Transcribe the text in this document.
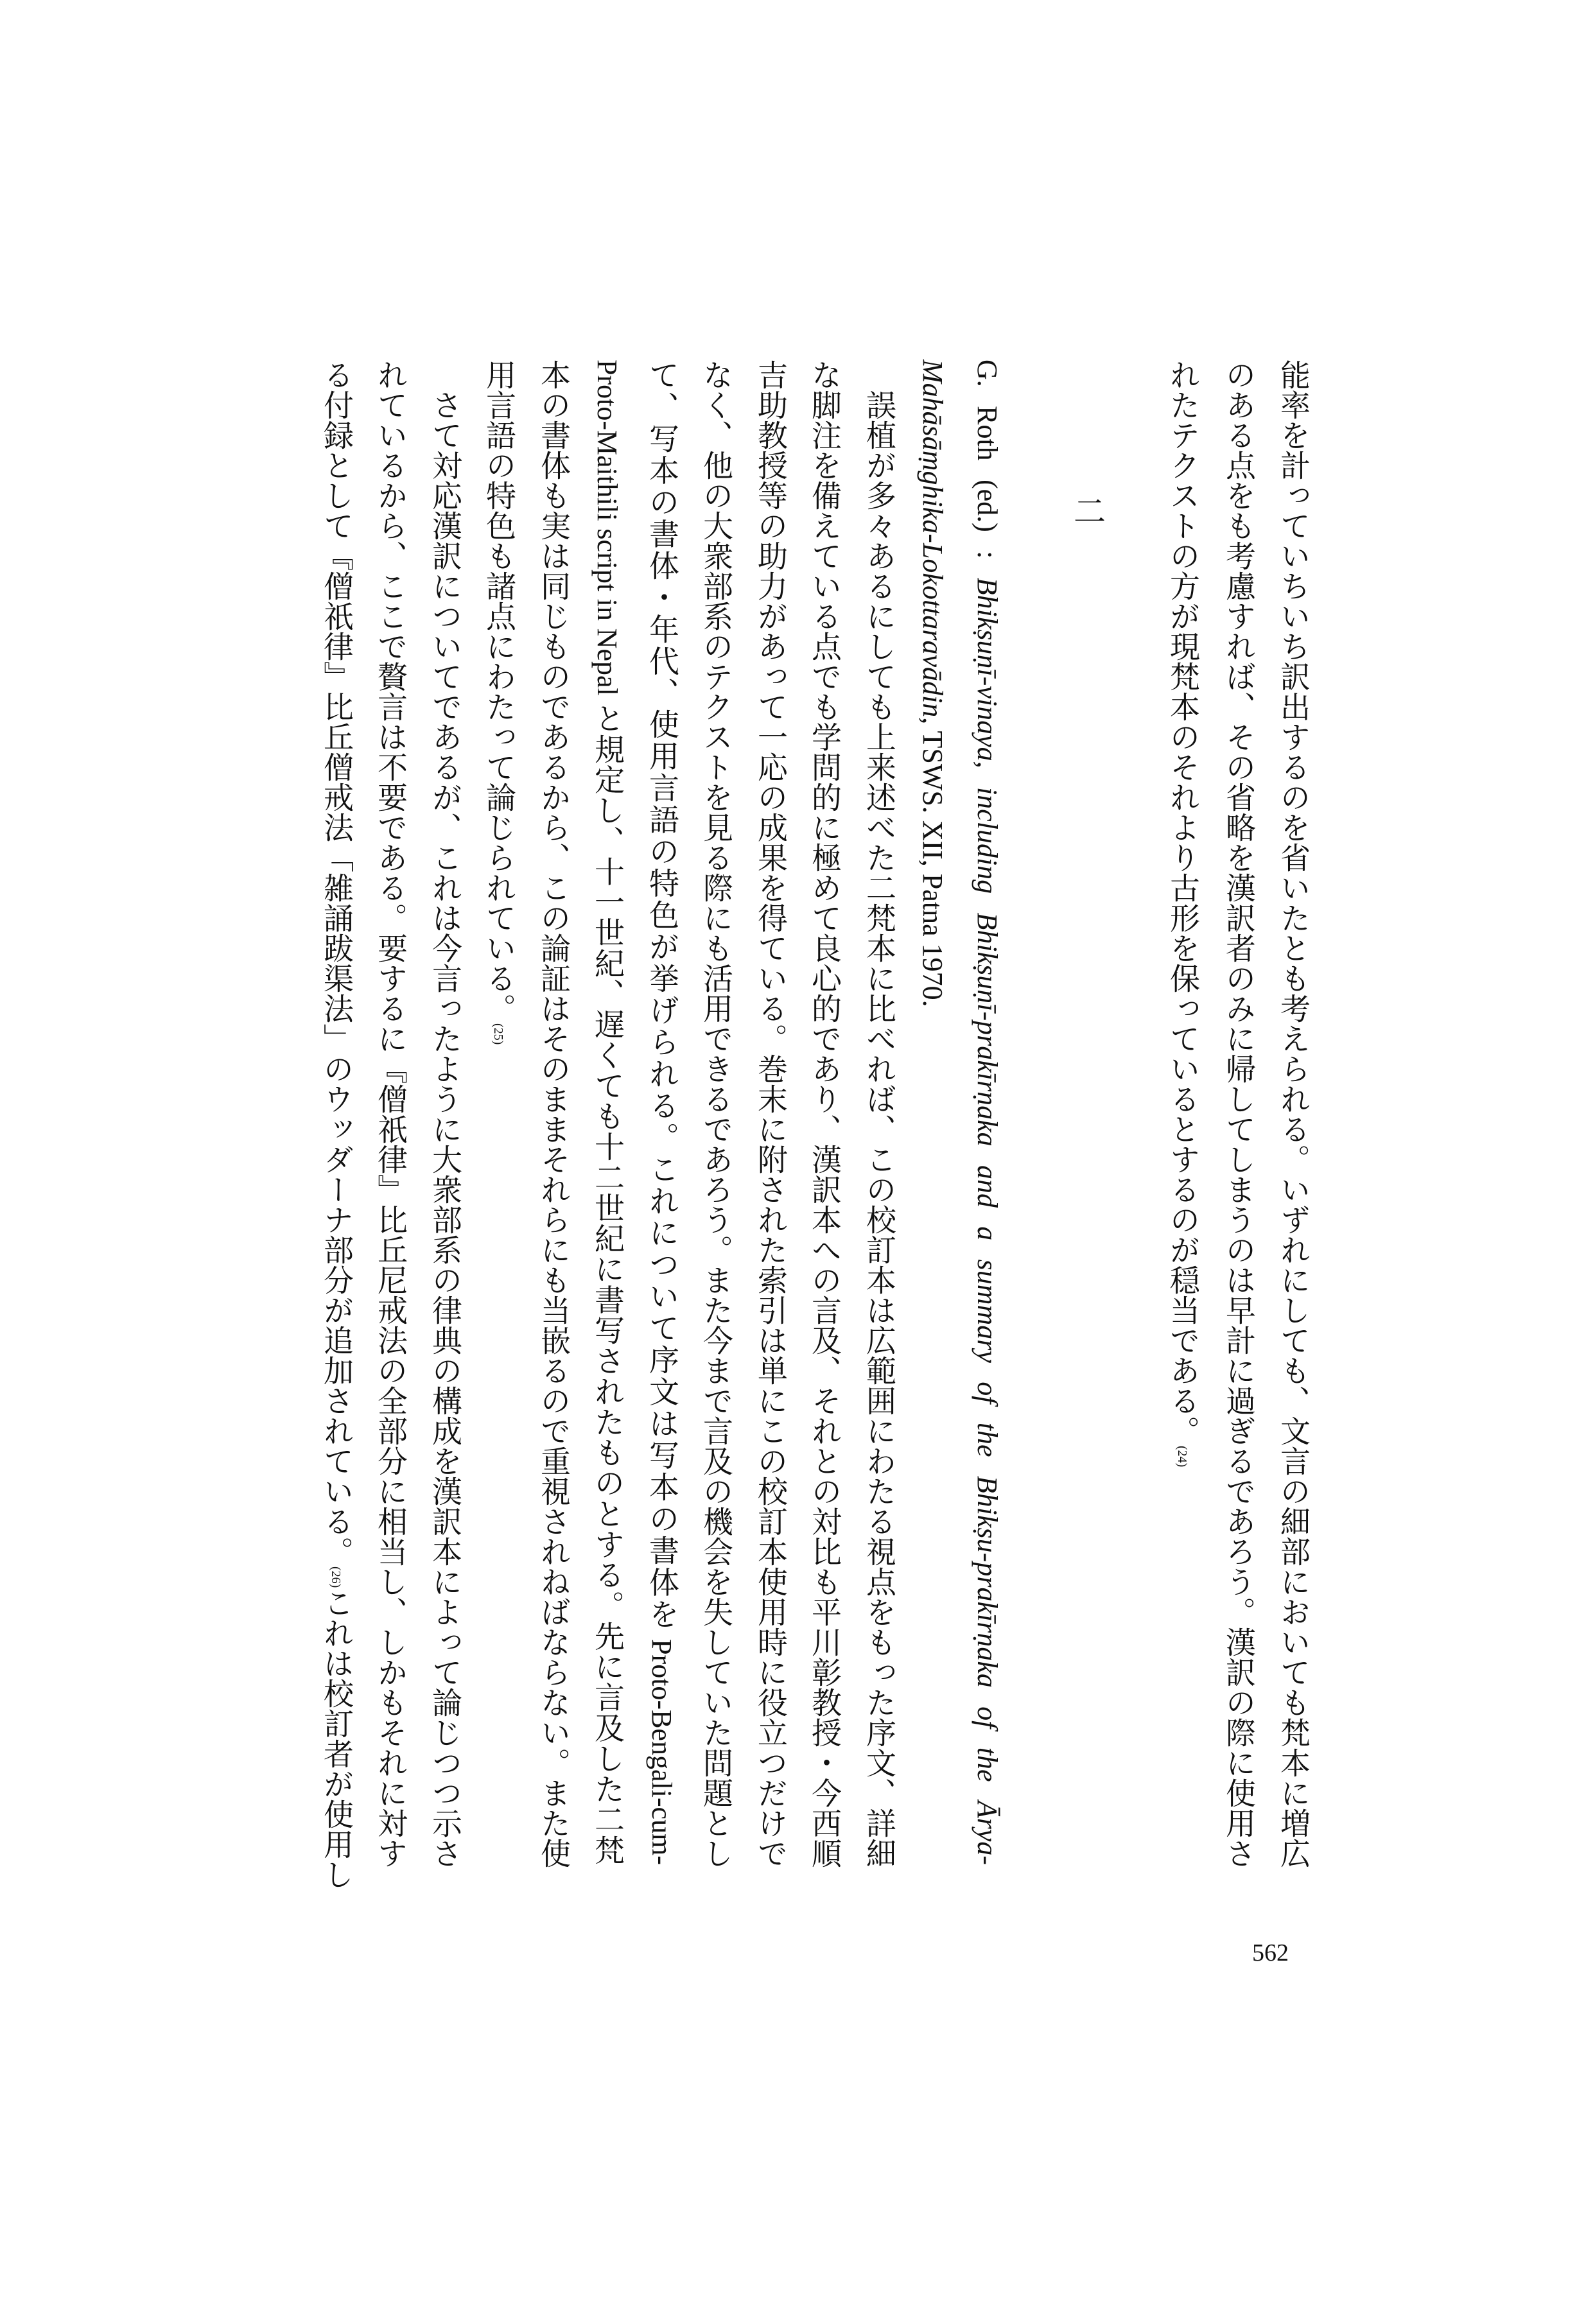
能率を計っていちいち訳出するのを省いたとも考えられる。いずれにしても、文言の細部においても梵本に増広
のある点をも考慮すれば、その省略を漢訳者のみに帰してしまうのは早計に過ぎるであろう。漢訳の際に使用さ
れたテクストの方が現梵本のそれより古形を保っているとするのが穏当である。(24)
二
G. Roth (ed.) : Bhikṣuṇī-vinaya, including Bhikṣuṇī-prakīrṇaka and a summary of the Bhikṣu-prakīrṇaka of the Ārya-
Mahāsāṃghika-Lokottaravādin, TSWS. XII, Patna 1970.
誤植が多々あるにしても上来述べた二梵本に比べれば、この校訂本は広範囲にわたる視点をもった序文、詳細
な脚注を備えている点でも学問的に極めて良心的であり、漢訳本への言及、それとの対比も平川彰教授・今西順
吉助教授等の助力があって一応の成果を得ている。巻末に附された索引は単にこの校訂本使用時に役立つだけで
なく、他の大衆部系のテクストを見る際にも活用できるであろう。また今まで言及の機会を失していた問題とし
て、写本の書体・年代、使用言語の特色が挙げられる。これについて序文は写本の書体を Proto-Bengali-cum-
Proto-Maithili script in Nepal と規定し、十一世紀、遅くても十二世紀に書写されたものとする。先に言及した二梵
本の書体も実は同じものであるから、この論証はそのままそれらにも当嵌るので重視されねばならない。また使
用言語の特色も諸点にわたって論じられている。(25)
さて対応漢訳についてであるが、これは今言ったように大衆部系の律典の構成を漢訳本によって論じつつ示さ
れているから、ここで贅言は不要である。要するに『僧祇律』比丘尼戒法の全部分に相当し、しかもそれに対す
る付録として『僧祇律』比丘僧戒法「雑誦跋渠法」のウッダーナ部分が追加されている。(26)これは校訂者が使用し
562
